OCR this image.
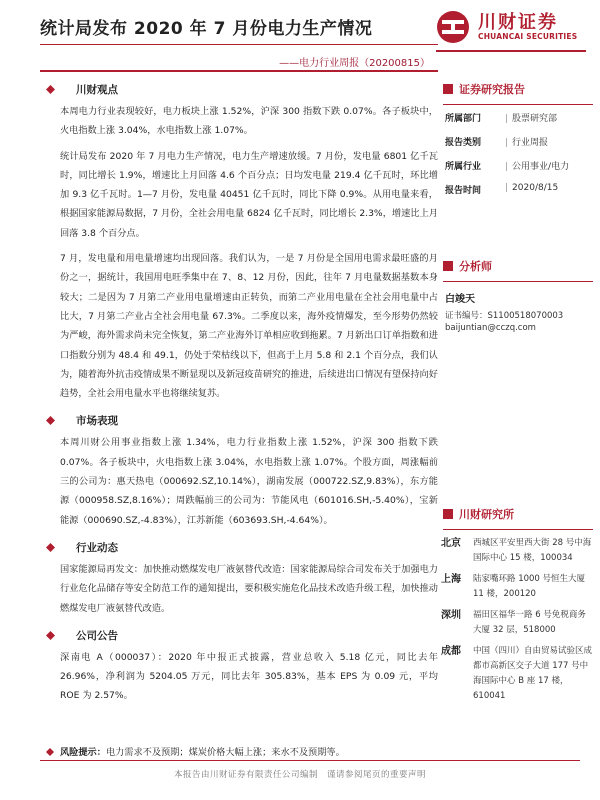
统计局发布 2020 年 7 月份电力生产情况
——电力行业周报（20200815）
川财证券
CHUANCAI SECURITIES
川财观点

本周电力行业表现较好，电力板块上涨 1.52%，沪深 300 指数下跌 0.07%。各子板块中，火电指数上涨 3.04%，水电指数上涨 1.07%。

统计局发布 2020 年 7 月电力生产情况，电力生产增速放缓。7 月份，发电量 6801 亿千瓦时，同比增长 1.9%，增速比上月回落 4.6 个百分点；日均发电量 219.4 亿千瓦时，环比增加 9.3 亿千瓦时。1—7 月份，发电量 40451 亿千瓦时，同比下降 0.9%。从用电量来看，根据国家能源局数据，7 月份，全社会用电量 6824 亿千瓦时，同比增长 2.3%，增速比上月回落 3.8 个百分点。

7 月，发电量和用电量增速均出现回落。我们认为，一是 7 月份是全国用电需求最旺盛的月份之一，据统计，我国用电旺季集中在 7、8、12 月份，因此，往年 7 月电量数据基数本身较大；二是因为 7 月第二产业用电量增速由正转负，而第二产业用电量在全社会用电量中占比大，7 月第二产业占全社会用电量 67.3%。二季度以来，海外疫情爆发，至今形势仍然较为严峻，海外需求尚未完全恢复，第二产业海外订单相应收到拖累。7 月新出口订单指数和进口指数分别为 48.4 和 49.1，仍处于荣枯线以下，但高于上月 5.8 和 2.1 个百分点，我们认为，随着海外抗击疫情成果不断显现以及新冠疫苗研究的推进，后续进出口情况有望保持向好趋势，全社会用电量水平也将继续复苏。

市场表现

本周川财公用事业指数上涨 1.34%，电力行业指数上涨 1.52%，沪深 300 指数下跌 0.07%。各子板块中，火电指数上涨 3.04%，水电指数上涨 1.07%。个股方面，周涨幅前三的公司为：惠天热电（000692.SZ,10.14%），湖南发展（000722.SZ,9.83%），东方能源（000958.SZ,8.16%）；周跌幅前三的公司为：节能风电（601016.SH,-5.40%），宝新能源（000690.SZ,-4.83%），江苏新能（603693.SH,-4.64%）。

行业动态

国家能源局再发文：加快推动燃煤发电厂液氨替代改造：国家能源局综合司发布关于加强电力行业危化品储存等安全防范工作的通知提出，要积极实施危化品技术改造升级工程，加快推动燃煤发电厂液氨替代改造。

公司公告

深南电 A（000037）：2020 年中报正式披露，营业总收入 5.18 亿元，同比去年 26.96%，净利润为 5204.05 万元，同比去年 305.83%，基本 EPS 为 0.09 元，平均 ROE 为 2.57%。

风险提示：电力需求不及预期；煤炭价格大幅上涨；来水不及预期等。
本报告由川财证券有限责任公司编制　谨请参阅尾页的重要声明
证券研究报告
所属部门	| 股票研究部
报告类别	| 行业周报
所属行业	| 公用事业/电力
报告时间	| 2020/8/15
分析师
白竣天
证书编号：S1100518070003
baijuntian@cczq.com
川财研究所
北京 西城区平安里西大街 28 号中海国际中心 15 楼，100034
上海 陆家嘴环路 1000 号恒生大厦 11 楼，200120
深圳 福田区福华一路 6 号免税商务大厦 32 层，518000
成都 中国（四川）自由贸易试验区成都市高新区交子大道 177 号中海国际中心 B 座 17 楼，610041
